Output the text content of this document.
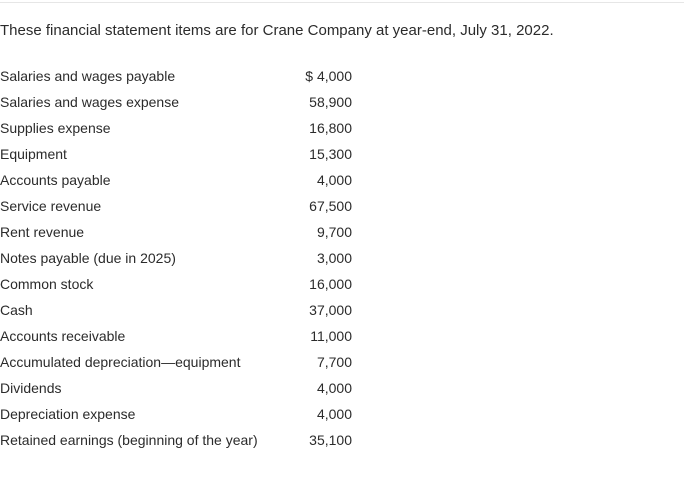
These financial statement items are for Crane Company at year-end, July 31, 2022.

Salaries and wages payable	$ 4,000
Salaries and wages expense	58,900
Supplies expense	16,800
Equipment	15,300
Accounts payable	4,000
Service revenue	67,500
Rent revenue	9,700
Notes payable (due in 2025)	3,000
Common stock	16,000
Cash	37,000
Accounts receivable	11,000
Accumulated depreciation—equipment	7,700
Dividends	4,000
Depreciation expense	4,000
Retained earnings (beginning of the year)	35,100
